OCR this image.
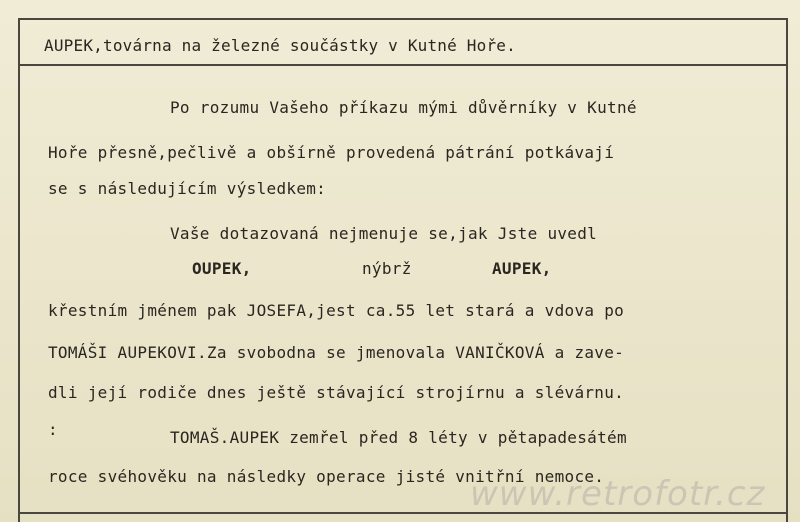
AUPEK,továrna na železné součástky v Kutné Hoře.
Po rozumu Vašeho příkazu mými důvěrníky v Kutné
Hoře přesně,pečlivě a obšírně provedená pátrání potkávají
se s následujícím výsledkem:
Vaše dotazovaná nejmenuje se,jak Jste uvedl
OUPEK,	nýbrž	AUPEK,
křestním jménem pak JOSEFA,jest ca.55 let stará a vdova po
TOMÁŠI AUPEKOVI.Za svobodna se jmenovala VANIČKOVÁ a zave-
dli její rodiče dnes ještě stávající strojírnu a slévárnu.
:	TOMAŠ.AUPEK zemřel před 8 léty v pětapadesátém
roce svéhověku na následky operace jisté vnitřní nemoce.
www.retrofotr.cz
